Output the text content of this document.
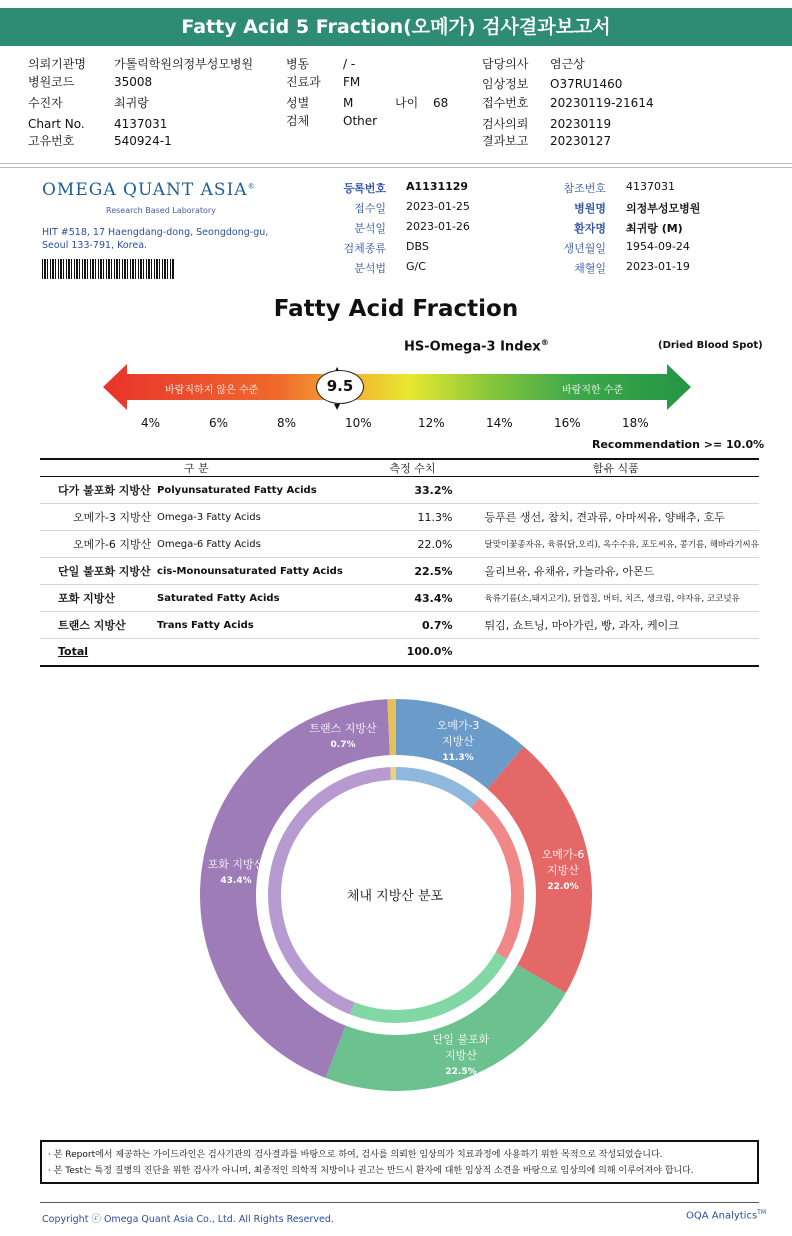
Fatty Acid 5 Fraction(오메가) 검사결과보고서
의뢰기관명 가톨릭학원의정부성모병원
병원코드	35008
수진자	최귀랑
Chart No. 4137031
고유번호	540924-1
병동	/ -
진료과 FM
성별	M
검체	Other
나이 68
담당의사 염근상
임상정보 O37RU1460
접수번호 20230119-21614
검사의뢰 20230119
결과보고 20230127
OMEGA QUANT ASIA®
Research Based Laboratory
HIT #518, 17 Haengdang-dong, Seongdong-gu,
Seoul 133-791, Korea.
등록번호 A1131129
접수일 2023-01-25
분석일 2023-01-26
검체종류 DBS
분석법 G/C
참조번호 4137031
병원명 의정부성모병원
환자명 최귀랑 (M)
생년월일 1954-09-24
채혈일 2023-01-19
Fatty Acid Fraction
HS-Omega-3 Index®	(Dried Blood Spot)
바람직하지 않은 수준	바람직한 수준
9.5
▼
4%	6%	8%	10%	12%	14%	16%	18%
Recommendation >= 10.0%
구 분		측정 수치	함유 식품
다가 불포화 지방산	Polyunsaturated Fatty Acids	33.2%	
오메가-3 지방산	Omega-3 Fatty Acids	11.3%	등푸른 생선, 참치, 견과류, 아마씨유, 양배추, 호두
오메가-6 지방산	Omega-6 Fatty Acids	22.0%	달맞이꽃종자유, 육류(닭,오리), 옥수수유, 포도씨유, 콩기름, 해바라기씨유
단일 불포화 지방산	cis-Monounsaturated Fatty Acids	22.5%	올리브유, 유채유, 카놀라유, 아몬드
포화 지방산	Saturated Fatty Acids	43.4%	육류기름(소,돼지고기), 닭껍질, 버터, 치즈, 생크림, 야자유, 코코넛유
트랜스 지방산	Trans Fatty Acids	0.7%	튀김, 쇼트닝, 마아가린, 빵, 과자, 케이크
Total		100.0%	
오메가-3
지방산
11.3%
오메가-6
지방산
22.0%
단일 불포화
지방산
22.5%
포화 지방산
43.4%
트랜스 지방산
0.7%
체내 지방산 분포
· 본 Report에서 제공하는 가이드라인은 검사기관의 검사결과를 바탕으로 하여, 검사를 의뢰한 임상의가 치료과정에 사용하기 위한 목적으로 작성되었습니다.
· 본 Test는 특정 질병의 진단을 위한 검사가 아니며, 최종적인 의학적 처방이나 권고는 반드시 환자에 대한 임상적 소견을 바탕으로 임상의에 의해 이루어져야 합니다.
Copyright ⓒ Omega Quant Asia Co., Ltd. All Rights Reserved.	OQA Analytics™
